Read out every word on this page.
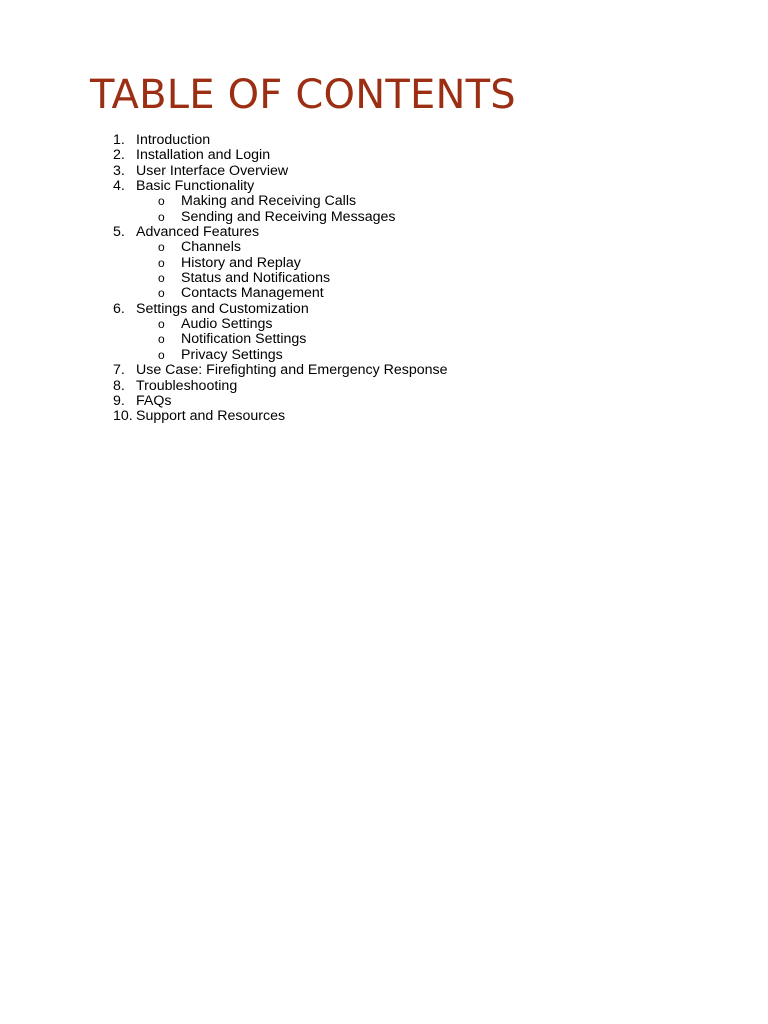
TABLE OF CONTENTS
1. Introduction
2. Installation and Login
3. User Interface Overview
4. Basic Functionality
o Making and Receiving Calls
o Sending and Receiving Messages
5. Advanced Features
o Channels
o History and Replay
o Status and Notifications
o Contacts Management
6. Settings and Customization
o Audio Settings
o Notification Settings
o Privacy Settings
7. Use Case: Firefighting and Emergency Response
8. Troubleshooting
9. FAQs
10. Support and Resources
